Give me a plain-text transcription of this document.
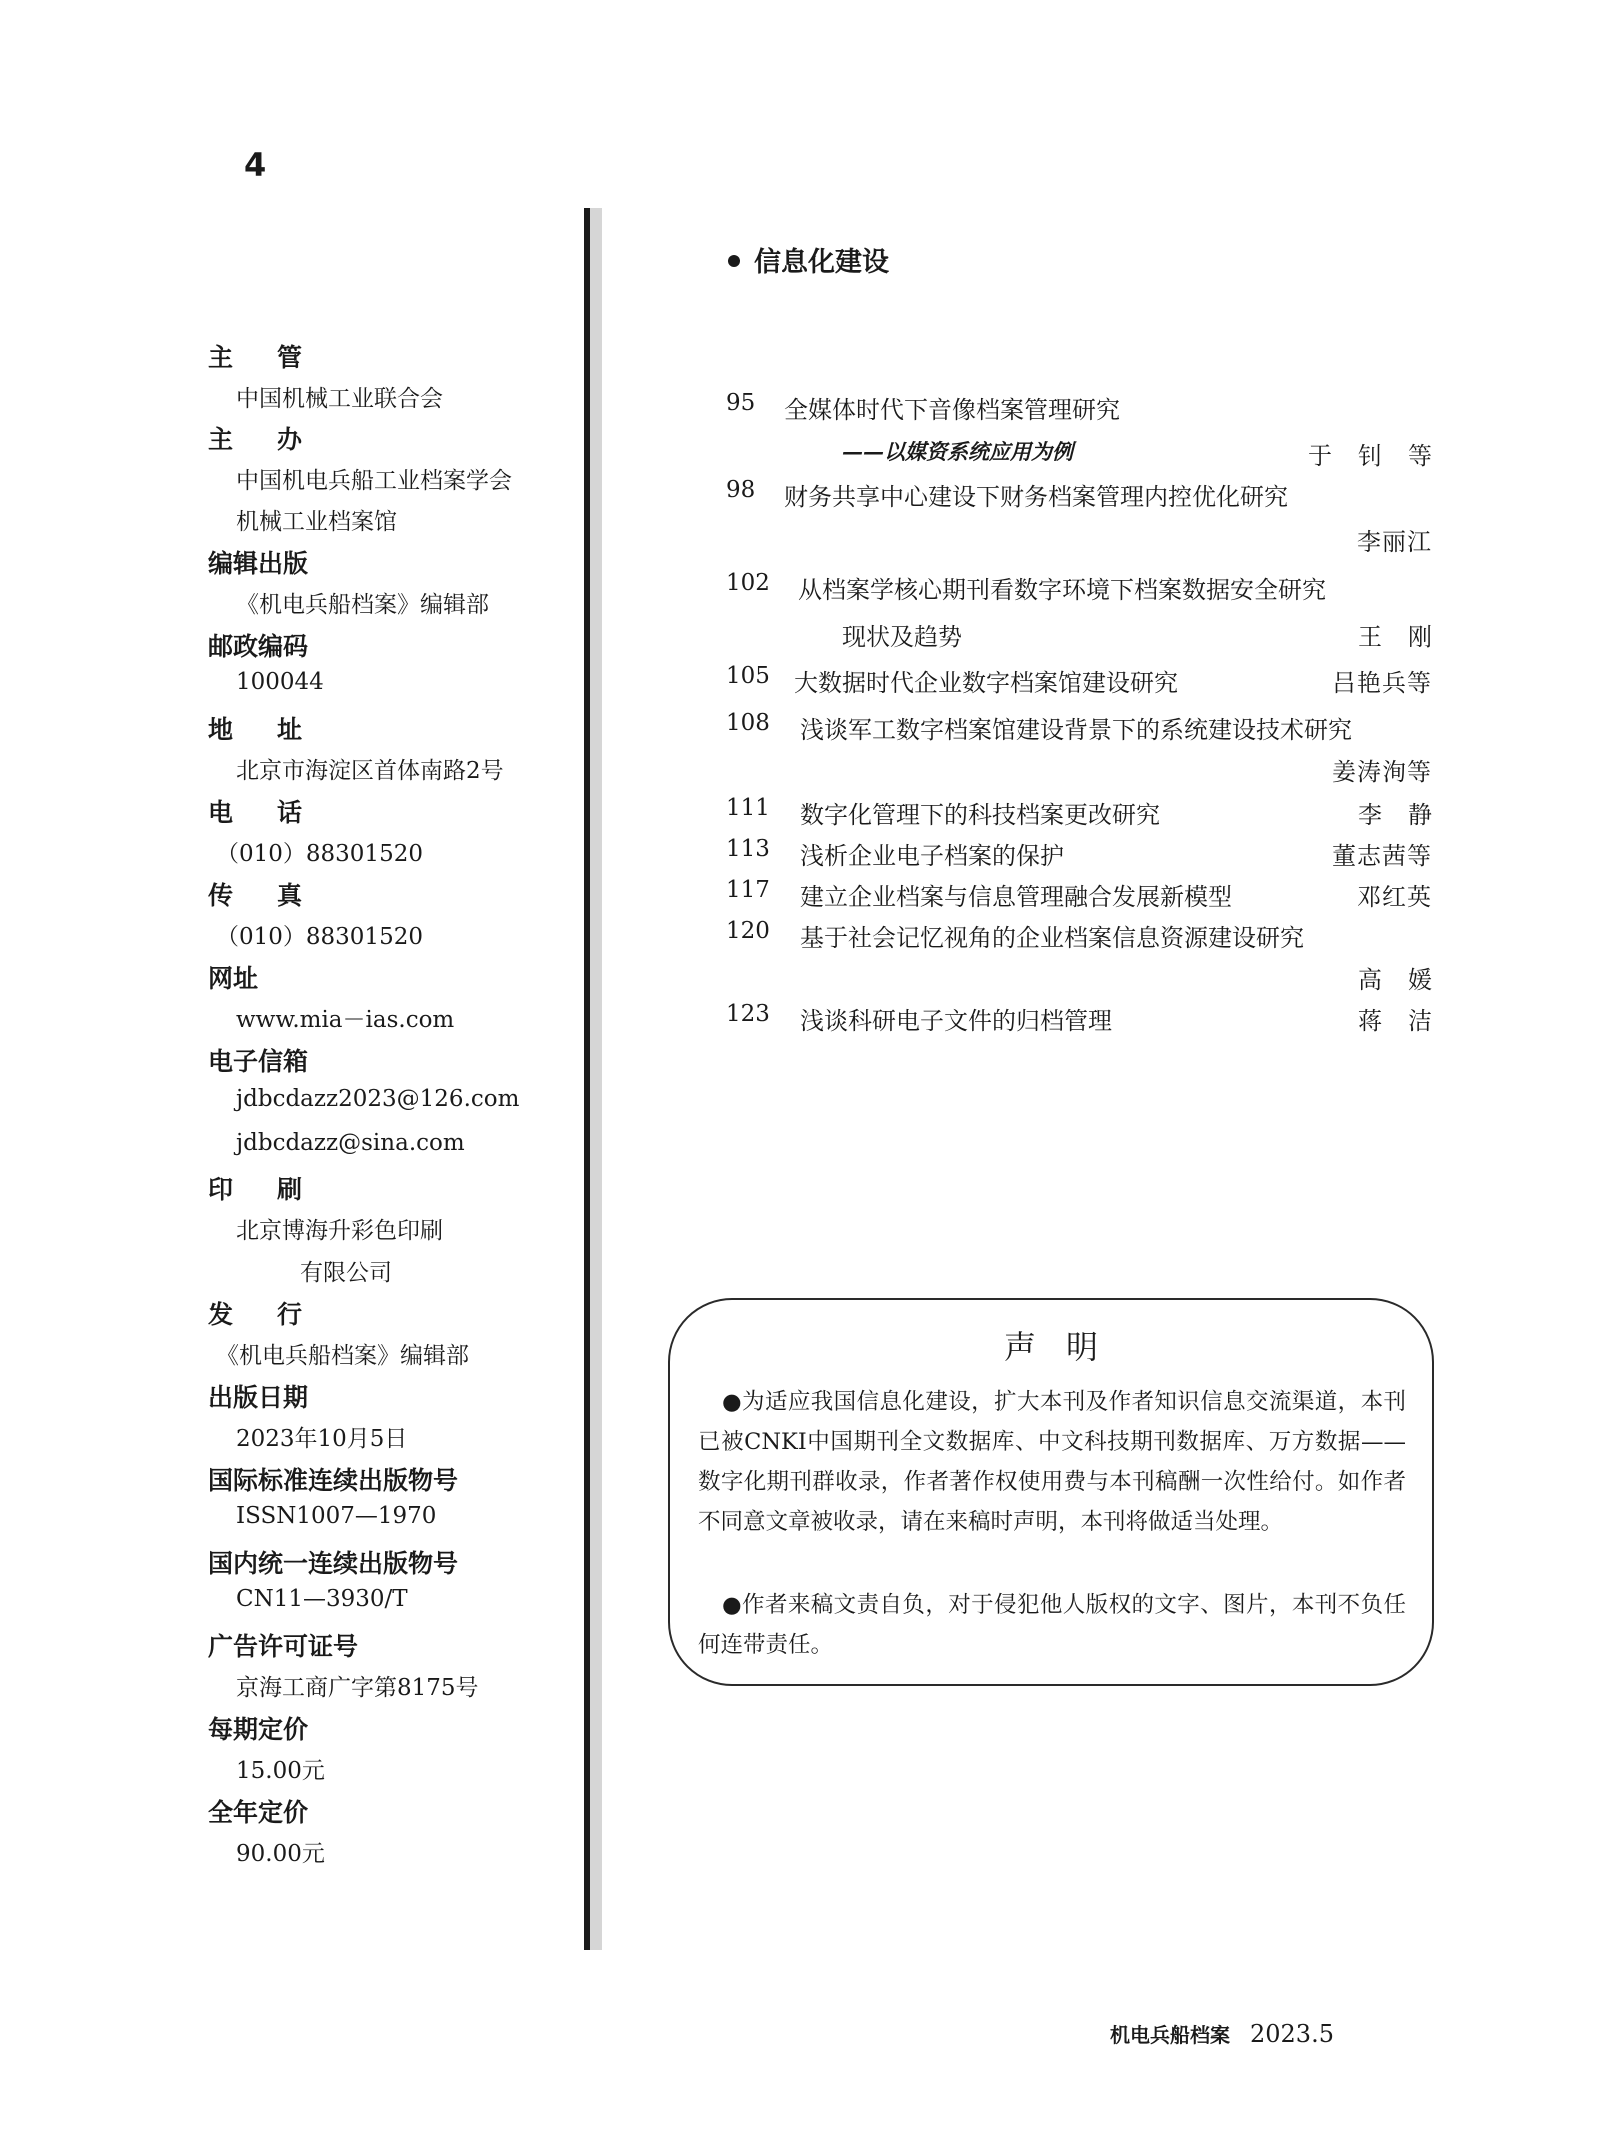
4
主管
中国机械工业联合会
主办
中国机电兵船工业档案学会
机械工业档案馆
编辑出版
《机电兵船档案》编辑部
邮政编码
100044
地址
北京市海淀区首体南路2号
电话
（010）88301520
传真
（010）88301520
网址
www.mia－ias.com
电子信箱
jdbcdazz2023@126.com
jdbcdazz@sina.com
印刷
北京博海升彩色印刷
有限公司
发行
《机电兵船档案》编辑部
出版日期
2023年10月5日
国际标准连续出版物号
ISSN1007—1970
国内统一连续出版物号
CN11—3930/T
广告许可证号
京海工商广字第8175号
每期定价
15.00元
全年定价
90.00元
信息化建设
95 全媒体时代下音像档案管理研究
——以媒资系统应用为例	于钊等
98 财务共享中心建设下财务档案管理内控优化研究
李丽江
102 从档案学核心期刊看数字环境下档案数据安全研究
现状及趋势	王刚
105 大数据时代企业数字档案馆建设研究	吕艳兵等
108 浅谈军工数字档案馆建设背景下的系统建设技术研究
姜涛洵等
111 数字化管理下的科技档案更改研究	李静
113 浅析企业电子档案的保护	董志茜等
117 建立企业档案与信息管理融合发展新模型	邓红英
120 基于社会记忆视角的企业档案信息资源建设研究
高媛
123 浅谈科研电子文件的归档管理	蒋洁
声明
●为适应我国信息化建设，扩大本刊及作者知识信息交流渠道，本刊已被CNKI中国期刊全文数据库、中文科技期刊数据库、万方数据——数字化期刊群收录，作者著作权使用费与本刊稿酬一次性给付。如作者不同意文章被收录，请在来稿时声明，本刊将做适当处理。
●作者来稿文责自负，对于侵犯他人版权的文字、图片，本刊不负任何连带责任。
机电兵船档案 2023.5
